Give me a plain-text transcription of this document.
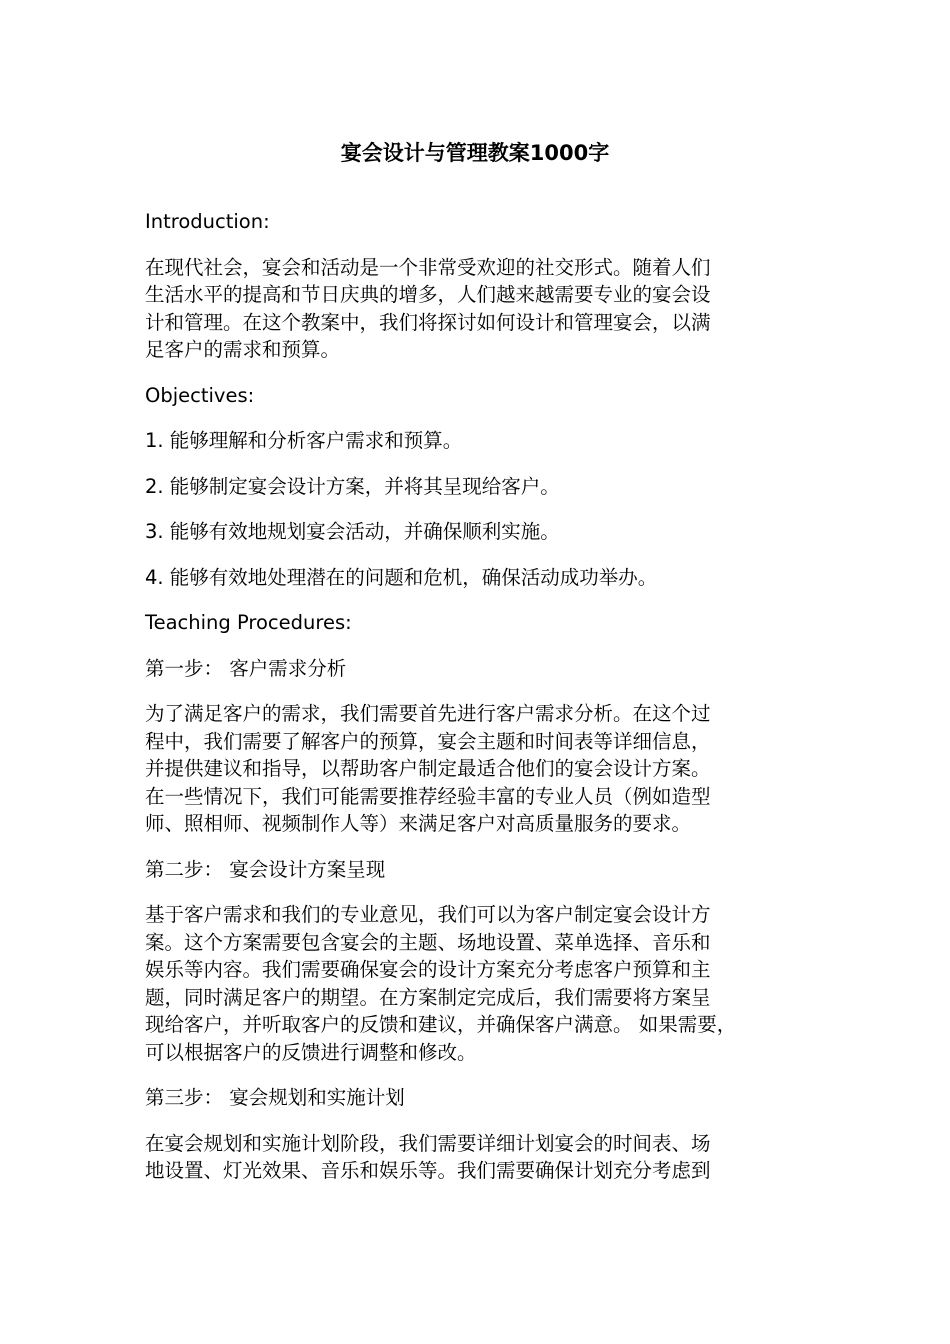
宴会设计与管理教案1000字

Introduction:

在现代社会，宴会和活动是一个非常受欢迎的社交形式。随着人们
生活水平的提高和节日庆典的增多，人们越来越需要专业的宴会设
计和管理。在这个教案中，我们将探讨如何设计和管理宴会，以满
足客户的需求和预算。

Objectives:

1. 能够理解和分析客户需求和预算。

2. 能够制定宴会设计方案，并将其呈现给客户。

3. 能够有效地规划宴会活动，并确保顺利实施。

4. 能够有效地处理潜在的问题和危机，确保活动成功举办。

Teaching Procedures:

第一步： 客户需求分析

为了满足客户的需求，我们需要首先进行客户需求分析。在这个过
程中，我们需要了解客户的预算，宴会主题和时间表等详细信息，
并提供建议和指导，以帮助客户制定最适合他们的宴会设计方案。
在一些情况下，我们可能需要推荐经验丰富的专业人员（例如造型
师、照相师、视频制作人等）来满足客户对高质量服务的要求。

第二步： 宴会设计方案呈现

基于客户需求和我们的专业意见，我们可以为客户制定宴会设计方
案。这个方案需要包含宴会的主题、场地设置、菜单选择、音乐和
娱乐等内容。我们需要确保宴会的设计方案充分考虑客户预算和主
题，同时满足客户的期望。在方案制定完成后，我们需要将方案呈
现给客户，并听取客户的反馈和建议，并确保客户满意。 如果需要，
可以根据客户的反馈进行调整和修改。

第三步： 宴会规划和实施计划

在宴会规划和实施计划阶段，我们需要详细计划宴会的时间表、场
地设置、灯光效果、音乐和娱乐等。我们需要确保计划充分考虑到
